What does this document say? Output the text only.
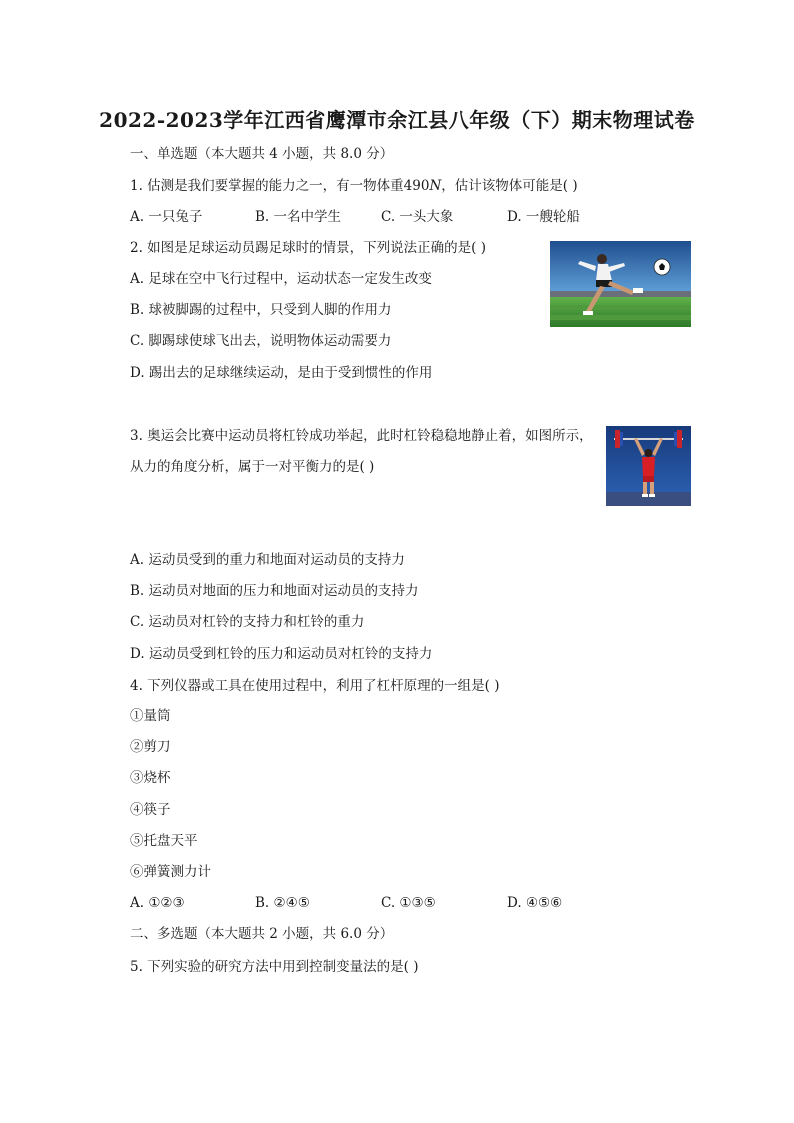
2022-2023学年江西省鹰潭市余江县八年级（下）期末物理试卷
一、单选题（本大题共 4 小题，共 8.0 分）
1. 估测是我们要掌握的能力之一，有一物体重490N，估计该物体可能是( )
A. 一只兔子	B. 一名中学生	C. 一头大象	D. 一艘轮船
2. 如图是足球运动员踢足球时的情景，下列说法正确的是( )
A. 足球在空中飞行过程中，运动状态一定发生改变
B. 球被脚踢的过程中，只受到人脚的作用力
C. 脚踢球使球飞出去，说明物体运动需要力
D. 踢出去的足球继续运动，是由于受到惯性的作用
3. 奥运会比赛中运动员将杠铃成功举起，此时杠铃稳稳地静止着，如图所示，
从力的角度分析，属于一对平衡力的是( )
A. 运动员受到的重力和地面对运动员的支持力
B. 运动员对地面的压力和地面对运动员的支持力
C. 运动员对杠铃的支持力和杠铃的重力
D. 运动员受到杠铃的压力和运动员对杠铃的支持力
4. 下列仪器或工具在使用过程中，利用了杠杆原理的一组是( )
①量筒
②剪刀
③烧杯
④筷子
⑤托盘天平
⑥弹簧测力计
A. ①②③	B. ②④⑤	C. ①③⑤	D. ④⑤⑥
二、多选题（本大题共 2 小题，共 6.0 分）
5. 下列实验的研究方法中用到控制变量法的是( )
